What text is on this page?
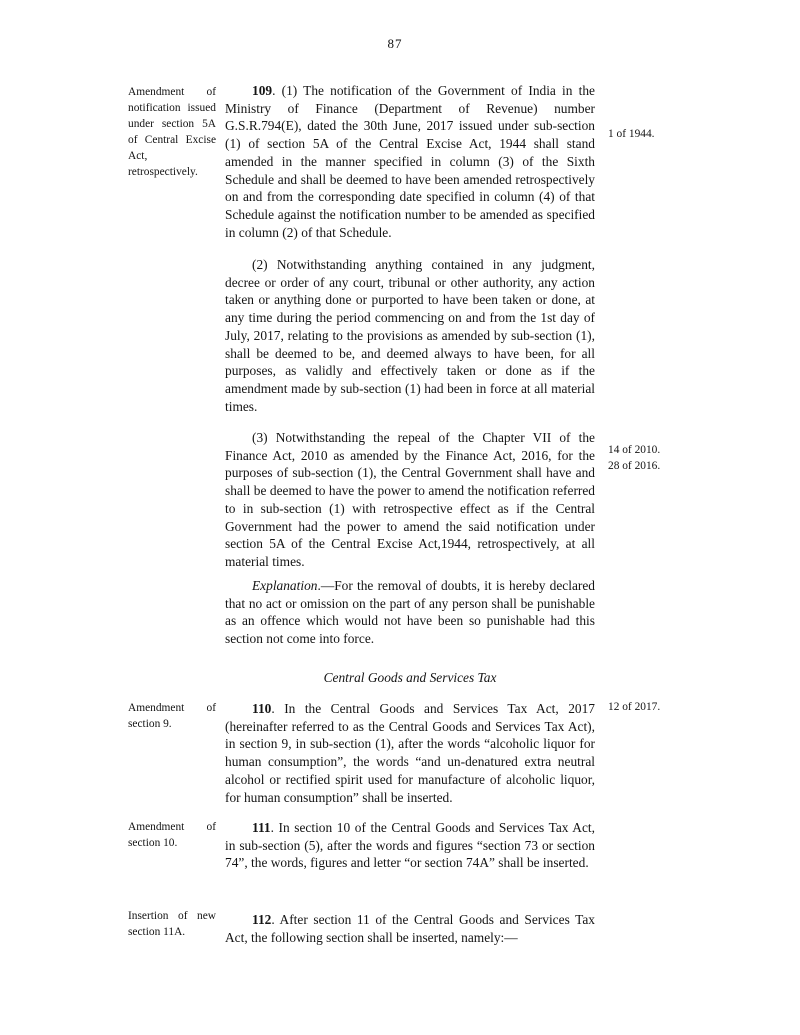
87

Amendment of notification issued under section 5A of Central Excise Act, retrospectively.

Amendment of section 9.

Amendment of section 10.

Insertion of new section 11A.

1 of 1944.

14 of 2010.
28 of 2016.

12 of 2017.

109. (1) The notification of the Government of India in the Ministry of Finance (Department of Revenue) number G.S.R.794(E), dated the 30th June, 2017 issued under sub-section (1) of section 5A of the Central Excise Act, 1944 shall stand amended in the manner specified in column (3) of the Sixth Schedule and shall be deemed to have been amended retrospectively on and from the corresponding date specified in column (4) of that Schedule against the notification number to be amended as specified in column (2) of that Schedule.

(2) Notwithstanding anything contained in any judgment, decree or order of any court, tribunal or other authority, any action taken or anything done or purported to have been taken or done, at any time during the period commencing on and from the 1st day of July, 2017, relating to the provisions as amended by sub-section (1), shall be deemed to be, and deemed always to have been, for all purposes, as validly and effectively taken or done as if the amendment made by sub-section (1) had been in force at all material times.

(3) Notwithstanding the repeal of the Chapter VII of the Finance Act, 2010 as amended by the Finance Act, 2016, for the purposes of sub-section (1), the Central Government shall have and shall be deemed to have the power to amend the notification referred to in sub-section (1) with retrospective effect as if the Central Government had the power to amend the said notification under section 5A of the Central Excise Act,1944, retrospectively, at all material times.

Explanation.—For the removal of doubts, it is hereby declared that no act or omission on the part of any person shall be punishable as an offence which would not have been so punishable had this section not come into force.

Central Goods and Services Tax

110. In the Central Goods and Services Tax Act, 2017 (hereinafter referred to as the Central Goods and Services Tax Act), in section 9, in sub-section (1), after the words “alcoholic liquor for human consumption”, the words “and un-denatured extra neutral alcohol or rectified spirit used for manufacture of alcoholic liquor, for human consumption” shall be inserted.

111. In section 10 of the Central Goods and Services Tax Act, in sub-section (5), after the words and figures “section 73 or section 74”, the words, figures and letter “or section 74A” shall be inserted.

112. After section 11 of the Central Goods and Services Tax Act, the following section shall be inserted, namely:—
